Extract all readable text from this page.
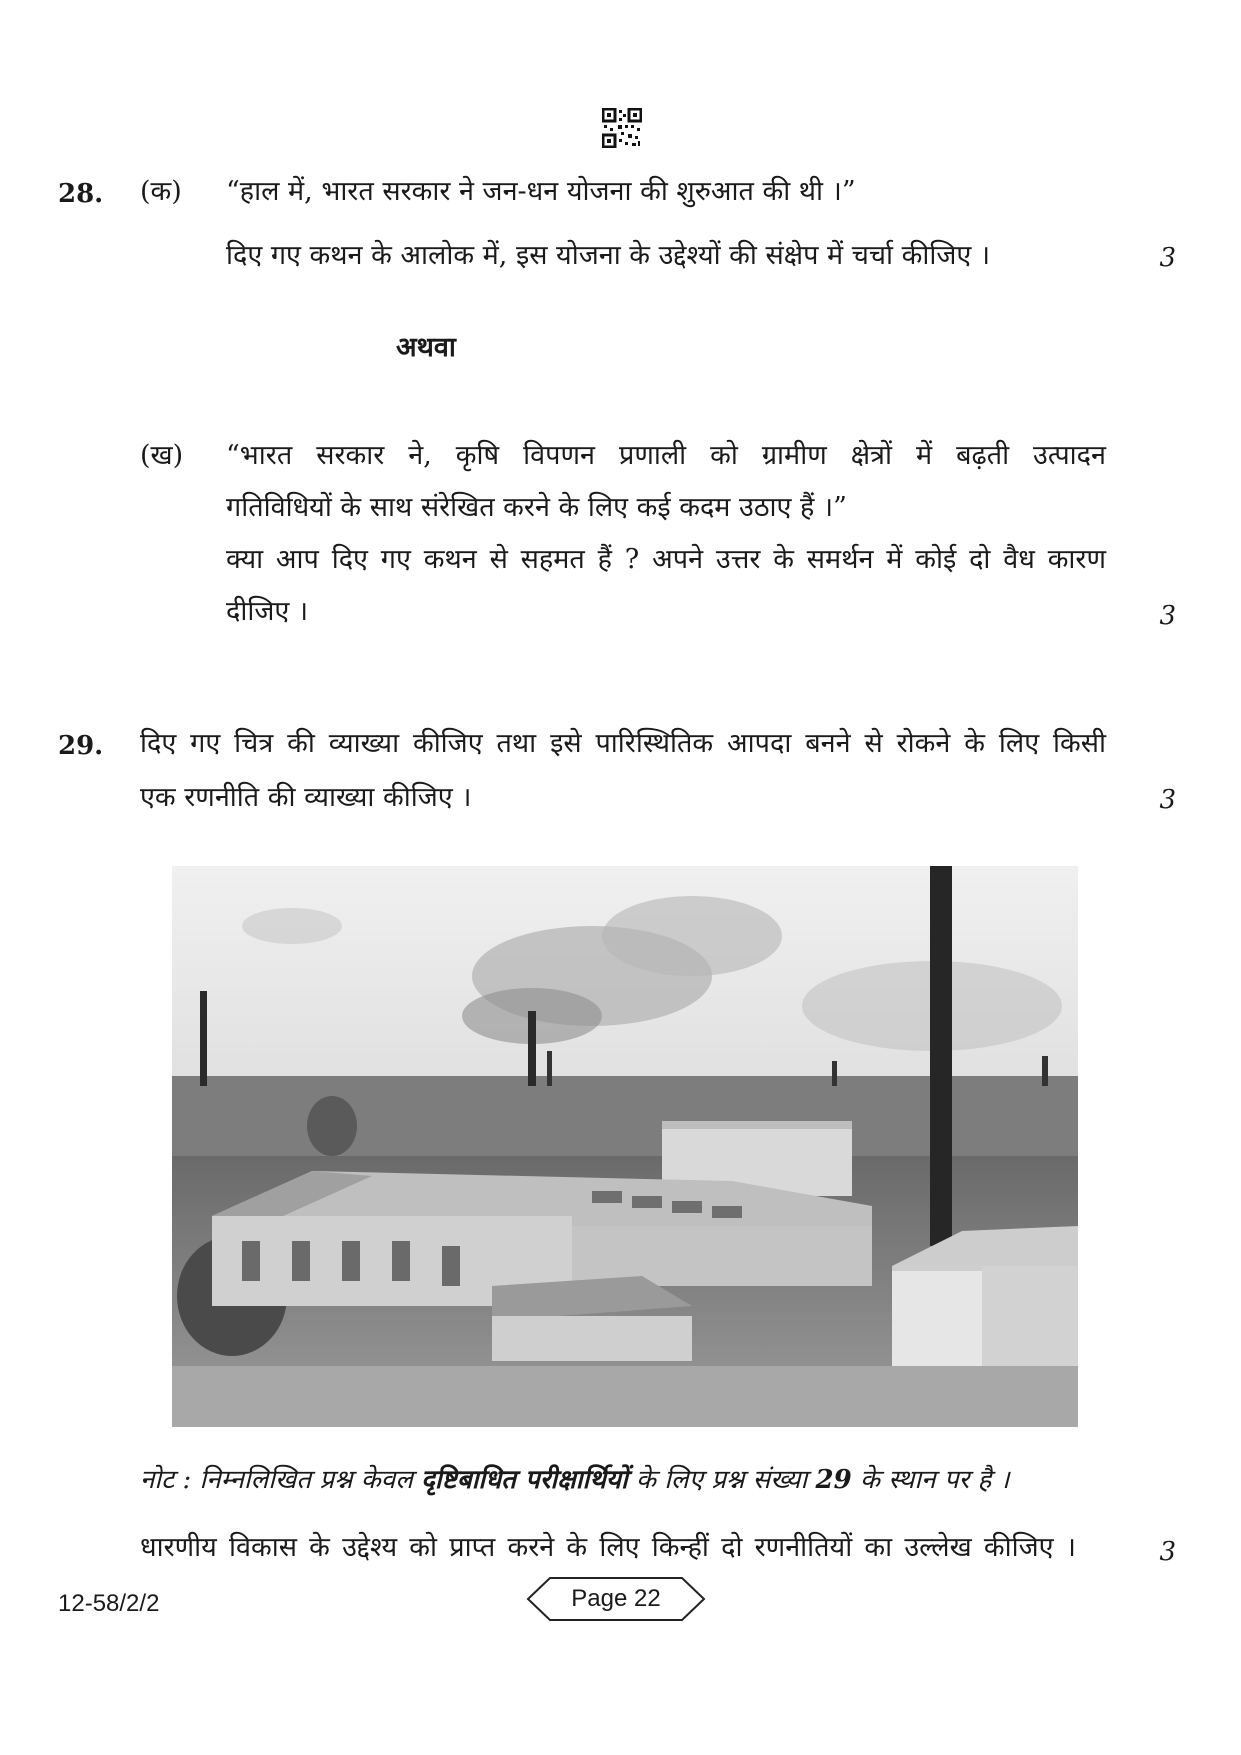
28. (क) “हाल में, भारत सरकार ने जन-धन योजना की शुरुआत की थी ।”
दिए गए कथन के आलोक में, इस योजना के उद्देश्यों की संक्षेप में चर्चा कीजिए ।	3
अथवा
(ख) “भारत सरकार ने, कृषि विपणन प्रणाली को ग्रामीण क्षेत्रों में बढ़ती उत्पादन
गतिविधियों के साथ संरेखित करने के लिए कई कदम उठाए हैं ।”
क्या आप दिए गए कथन से सहमत हैं ? अपने उत्तर के समर्थन में कोई दो वैध कारण
दीजिए ।	3
29. दिए गए चित्र की व्याख्या कीजिए तथा इसे पारिस्थितिक आपदा बनने से रोकने के लिए किसी
एक रणनीति की व्याख्या कीजिए ।	3
नोट : निम्नलिखित प्रश्न केवल दृष्टिबाधित परीक्षार्थियों के लिए प्रश्न संख्या 29 के स्थान पर है ।
धारणीय विकास के उद्देश्य को प्राप्त करने के लिए किन्हीं दो रणनीतियों का उल्लेख कीजिए ।	3
12-58/2/2	Page 22
